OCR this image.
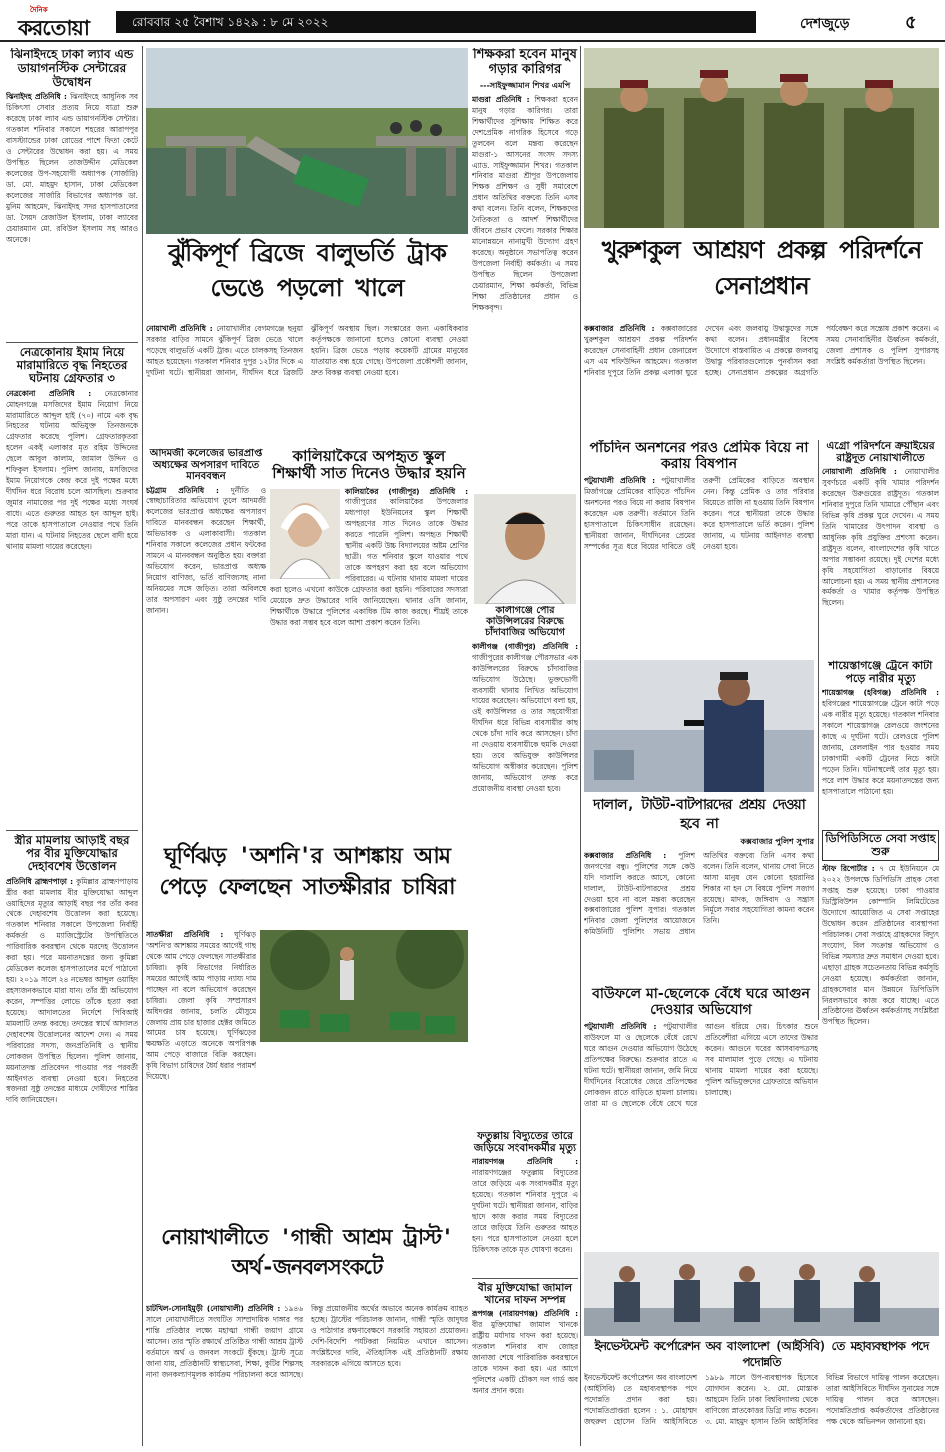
দৈনিক
করতোয়া	রোববার ২৫ বৈশাখ ১৪২৯ : ৮ মে ২০২২	দেশজুড়ে	৫
ঝিনাইদহে ঢাকা ল্যাব এন্ড ডায়াগনস্টিক সেন্টারের উদ্বোধন
ঝিনাইদহ প্রতিনিধি : ঝিনাইদহে আধুনিক সব চিকিৎসা সেবার প্রত্যয় নিয়ে যাত্রা শুরু করেছে ঢাকা ল্যাব এন্ড ডায়াগনস্টিক সেন্টার। গতকাল শনিবার সকালে শহরের আরাপপুর বাসস্ট্যান্ডের ঢাকা রোডের পাশে ফিতা কেটে ও সেন্টারের উদ্বোধন করা হয়। এ সময় উপস্থিত ছিলেন তাজউদ্দীন মেডিকেল কলেজের উপ-সহযোগী অধ্যাপক (সার্জারি) ডা. মো. মাহমুদ হাসান, ঢাকা মেডিকেল কলেজের সার্জারি বিভাগের অধ্যাপক ডা. মুনিম আহমেদ, ঝিনাইদহ সদর হাসপাতালের ডা. সৈয়দ রেজাউল ইসলাম, ঢাকা ল্যাবের চেয়ারম্যান মো. রবিউল ইসলাম সহ আরও অনেকে।
নেত্রকোনায় ইমাম নিয়ে মারামারিতে বৃদ্ধ নিহতের ঘটনায় গ্রেফতার ৩
নেত্রকোনা প্রতিনিধি : নেত্রকোনার মোহনগঞ্জে মসজিদের ইমাম নিয়োগ নিয়ে মারামারিতে আব্দুল হাই (৭০) নামে এক বৃদ্ধ নিহতের ঘটনায় অভিযুক্ত তিনজনকে গ্রেফতার করেছে পুলিশ। গ্রেফতারকৃতরা হলেন একই এলাকার মৃত রহিম উদ্দিনের ছেলে আবুল কালাম, জামাল উদ্দিন ও শফিকুল ইসলাম। পুলিশ জানায়, মসজিদের ইমাম নিয়োগকে কেন্দ্র করে দুই পক্ষের মধ্যে দীর্ঘদিন ধরে বিরোধ চলে আসছিল। শুক্রবার জুমার নামাজের পর দুই পক্ষের মধ্যে সংঘর্ষ বাধে। এতে গুরুতর আহত হন আব্দুল হাই। পরে তাকে হাসপাতালে নেওয়ার পথে তিনি মারা যান। এ ঘটনায় নিহতের ছেলে বাদী হয়ে থানায় মামলা দায়ের করেছেন।
স্ত্রীর মামলায় আড়াই বছর পর বীর মুক্তিযোদ্ধার দেহাবশেষ উত্তোলন
প্রতিনিধি ব্রাহ্মণপাড়া : কুমিল্লার ব্রাহ্মণপাড়ায় স্ত্রীর করা মামলায় বীর মুক্তিযোদ্ধা আব্দুল ওয়াহিদের মৃত্যুর আড়াই বছর পর তাঁর কবর থেকে দেহাবশেষ উত্তোলন করা হয়েছে। গতকাল শনিবার সকালে উপজেলা নির্বাহী কর্মকর্তা ও ম্যাজিস্ট্রেটের উপস্থিতিতে পারিবারিক কবরস্থান থেকে মরদেহ উত্তোলন করা হয়। পরে ময়নাতদন্তের জন্য কুমিল্লা মেডিকেল কলেজ হাসপাতালের মর্গে পাঠানো হয়। ২০১৯ সালে ২৪ নভেম্বর আব্দুল ওয়াহিদ রহস্যজনকভাবে মারা যান। তাঁর স্ত্রী অভিযোগ করেন, সম্পত্তির লোভে তাঁকে হত্যা করা হয়েছে। আদালতের নির্দেশে পিবিআই মামলাটি তদন্ত করছে। তদন্তের স্বার্থে আদালত দেহাবশেষ উত্তোলনের আদেশ দেন। এ সময় পরিবারের সদস্য, জনপ্রতিনিধি ও স্থানীয় লোকজন উপস্থিত ছিলেন। পুলিশ জানায়, ময়নাতদন্ত প্রতিবেদন পাওয়ার পর পরবর্তী আইনগত ব্যবস্থা নেওয়া হবে। নিহতের স্বজনরা সুষ্ঠু তদন্তের মাধ্যমে দোষীদের শাস্তির দাবি জানিয়েছেন।
ঝুঁকিপূর্ণ ব্রিজে বালুভর্তি ট্রাক ভেঙে পড়লো খালে
শিক্ষকরা হবেন মানুষ গড়ার কারিগর
---সাইফুজ্জামান শিখর এমপি
মাগুরা প্রতিনিধি : শিক্ষকরা হবেন মানুষ গড়ার কারিগর। তারা শিক্ষার্থীদের সুশিক্ষায় শিক্ষিত করে দেশপ্রেমিক নাগরিক হিসেবে গড়ে তুলবেন বলে মন্তব্য করেছেন মাগুরা-১ আসনের সংসদ সদস্য এ্যাড. সাইফুজ্জামান শিখর। গতকাল শনিবার মাগুরা শ্রীপুর উপজেলায় শিক্ষক প্রশিক্ষণ ও সুধী সমাবেশে প্রধান অতিথির বক্তব্যে তিনি এসব কথা বলেন। তিনি বলেন, শিক্ষকদের নৈতিকতা ও আদর্শ শিক্ষার্থীদের জীবনে প্রভাব ফেলে। সরকার শিক্ষার মানোন্নয়নে নানামুখী উদ্যোগ গ্রহণ করেছে। অনুষ্ঠানে সভাপতিত্ব করেন উপজেলা নির্বাহী কর্মকর্তা। এ সময় উপস্থিত ছিলেন উপজেলা চেয়ারম্যান, শিক্ষা কর্মকর্তা, বিভিন্ন শিক্ষা প্রতিষ্ঠানের প্রধান ও শিক্ষকবৃন্দ।
নোয়াখালী প্রতিনিধি : নোয়াখালীর বেগমগঞ্জে ছনুয়া সরকার বাড়ির সামনে ঝুঁকিপূর্ণ ব্রিজ ভেঙে খালে পড়েছে বালুভর্তি একটি ট্রাক। এতে চালকসহ তিনজন আহত হয়েছেন। গতকাল শনিবার দুপুর ১২টার দিকে এ দুর্ঘটনা ঘটে। স্থানীয়রা জানান, দীর্ঘদিন ধরে ব্রিজটি ঝুঁকিপূর্ণ অবস্থায় ছিল। সংস্কারের জন্য একাধিকবার কর্তৃপক্ষকে জানানো হলেও কোনো ব্যবস্থা নেওয়া হয়নি। ব্রিজ ভেঙে পড়ায় কয়েকটি গ্রামের মানুষের যাতায়াত বন্ধ হয়ে গেছে। উপজেলা প্রকৌশলী জানান, দ্রুত বিকল্প ব্যবস্থা নেওয়া হবে।
আদমজী কলেজের ভারপ্রাপ্ত অধ্যক্ষের অপসারণ দাবিতে মানববন্ধন
চট্টগ্রাম প্রতিনিধি : দুর্নীতি ও স্বেচ্ছাচারিতার অভিযোগ তুলে আদমজী কলেজের ভারপ্রাপ্ত অধ্যক্ষের অপসারণ দাবিতে মানববন্ধন করেছেন শিক্ষার্থী, অভিভাবক ও এলাকাবাসী। গতকাল শনিবার সকালে কলেজের প্রধান ফটকের সামনে এ মানববন্ধন অনুষ্ঠিত হয়। বক্তারা অভিযোগ করেন, ভারপ্রাপ্ত অধ্যক্ষ নিয়োগ বাণিজ্য, ভর্তি বাণিজ্যসহ নানা অনিয়মের সঙ্গে জড়িত। তারা অবিলম্বে তার অপসারণ এবং সুষ্ঠু তদন্তের দাবি জানান।
কালিয়াকৈরে অপহৃত স্কুল শিক্ষার্থী সাত দিনেও উদ্ধার হয়নি
কালিয়াকৈর (গাজীপুর) প্রতিনিধি : গাজীপুরের কালিয়াকৈর উপজেলার মধ্যপাড়া ইউনিয়নের স্কুল শিক্ষার্থী অপহরণের সাত দিনেও তাকে উদ্ধার করতে পারেনি পুলিশ। অপহৃত শিক্ষার্থী স্থানীয় একটি উচ্চ বিদ্যালয়ের অষ্টম শ্রেণির ছাত্রী। গত শনিবার স্কুলে যাওয়ার পথে তাকে অপহরণ করা হয় বলে অভিযোগ পরিবারের। এ ঘটনায় থানায় মামলা দায়ের করা হলেও এখনো কাউকে গ্রেফতার করা হয়নি। পরিবারের সদস্যরা মেয়েকে দ্রুত উদ্ধারের দাবি জানিয়েছেন। থানার ওসি জানান, শিক্ষার্থীকে উদ্ধারে পুলিশের একাধিক টিম কাজ করছে। শীঘ্রই তাকে উদ্ধার করা সম্ভব হবে বলে আশা প্রকাশ করেন তিনি।
কালীগঞ্জে পৌর কাউন্সিলরের বিরুদ্ধে চাঁদাবাজির অভিযোগ
কালীগঞ্জ (গাজীপুর) প্রতিনিধি : গাজীপুরের কালীগঞ্জ পৌরসভার এক কাউন্সিলরের বিরুদ্ধে চাঁদাবাজির অভিযোগ উঠেছে। ভুক্তভোগী ব্যবসায়ী থানায় লিখিত অভিযোগ দায়ের করেছেন। অভিযোগে বলা হয়, ওই কাউন্সিলর ও তার সহযোগীরা দীর্ঘদিন ধরে বিভিন্ন ব্যবসায়ীর কাছ থেকে চাঁদা দাবি করে আসছেন। চাঁদা না দেওয়ায় ব্যবসায়ীকে হুমকি দেওয়া হয়। তবে অভিযুক্ত কাউন্সিলর অভিযোগ অস্বীকার করেছেন। পুলিশ জানায়, অভিযোগ তদন্ত করে প্রয়োজনীয় ব্যবস্থা নেওয়া হবে।
ঘূর্ণিঝড় 'অশনি'র আশঙ্কায় আম পেড়ে ফেলছেন সাতক্ষীরার চাষিরা
সাতক্ষীরা প্রতিনিধি : ঘূর্ণিঝড় 'অশনি'র আশঙ্কায় সময়ের আগেই গাছ থেকে আম পেড়ে ফেলছেন সাতক্ষীরার চাষিরা। কৃষি বিভাগের নির্ধারিত সময়ের আগেই আম পাড়ায় ন্যায্য দাম পাচ্ছেন না বলে অভিযোগ করেছেন চাষিরা। জেলা কৃষি সম্প্রসারণ অধিদপ্তর জানায়, চলতি মৌসুমে জেলায় প্রায় চার হাজার হেক্টর জমিতে আমের চাষ হয়েছে। ঘূর্ণিঝড়ের ক্ষয়ক্ষতি এড়াতে অনেকে অপরিপক্ক আম পেড়ে বাজারে বিক্রি করছেন। কৃষি বিভাগ চাষিদের ধৈর্য ধরার পরামর্শ দিয়েছে।
নোয়াখালীতে 'গান্ধী আশ্রম ট্রাস্ট' অর্থ-জনবলসংকটে
চাটখিল-সোনাইমুড়ী (নোয়াখালী) প্রতিনিধি : ১৯৪৬ সালে নোয়াখালীতে সংঘটিত সাম্প্রদায়িক দাঙ্গার পর শান্তি প্রতিষ্ঠার লক্ষ্যে মহাত্মা গান্ধী জয়াগ গ্রামে আসেন। তার স্মৃতি রক্ষার্থে প্রতিষ্ঠিত গান্ধী আশ্রম ট্রাস্ট বর্তমানে অর্থ ও জনবল সংকটে ধুঁকছে। ট্রাস্ট সূত্রে জানা যায়, প্রতিষ্ঠানটি স্বাস্থ্যসেবা, শিক্ষা, কুটির শিল্পসহ নানা জনকল্যাণমূলক কার্যক্রম পরিচালনা করে আসছে। কিন্তু প্রয়োজনীয় অর্থের অভাবে অনেক কার্যক্রম ব্যাহত হচ্ছে। ট্রাস্টের পরিচালক জানান, গান্ধী স্মৃতি জাদুঘর ও পাঠাগার রক্ষণাবেক্ষণে সরকারি সহায়তা প্রয়োজন। দেশি-বিদেশি পর্যটকরা নিয়মিত এখানে আসেন। সংশ্লিষ্টদের দাবি, ঐতিহাসিক এই প্রতিষ্ঠানটি রক্ষায় সরকারকে এগিয়ে আসতে হবে।
ফতুল্লায় বিদ্যুতের তারে জড়িয়ে সংবাদকর্মীর মৃত্যু
নারায়ণগঞ্জ প্রতিনিধি : নারায়ণগঞ্জের ফতুল্লায় বিদ্যুতের তারে জড়িয়ে এক সংবাদকর্মীর মৃত্যু হয়েছে। গতকাল শনিবার দুপুরে এ দুর্ঘটনা ঘটে। স্থানীয়রা জানান, বাড়ির ছাদে কাজ করার সময় বিদ্যুতের তারে জড়িয়ে তিনি গুরুতর আহত হন। পরে হাসপাতালে নেওয়া হলে চিকিৎসক তাকে মৃত ঘোষণা করেন।
বীর মুক্তিযোদ্ধা জামাল খানের দাফন সম্পন্ন
রূপগঞ্জ (নারায়ণগঞ্জ) প্রতিনিধি : বীর মুক্তিযোদ্ধা জামাল খানকে রাষ্ট্রীয় মর্যাদায় দাফন করা হয়েছে। গতকাল শনিবার বাদ জোহর জানাজা শেষে পারিবারিক কবরস্থানে তাকে দাফন করা হয়। এর আগে পুলিশের একটি চৌকস দল গার্ড অব অনার প্রদান করে।
খুরুশকুল আশ্রয়ণ প্রকল্প পরিদর্শনে সেনাপ্রধান
কক্সবাজার প্রতিনিধি : কক্সবাজারের খুরুশকুল আশ্রয়ণ প্রকল্প পরিদর্শন করেছেন সেনাবাহিনী প্রধান জেনারেল এস এম শফিউদ্দিন আহমেদ। গতকাল শনিবার দুপুরে তিনি প্রকল্প এলাকা ঘুরে দেখেন এবং জলবায়ু উদ্বাস্তুদের সঙ্গে কথা বলেন। প্রধানমন্ত্রীর বিশেষ উদ্যোগে বাস্তবায়িত এ প্রকল্পে জলবায়ু উদ্বাস্তু পরিবারগুলোকে পুনর্বাসন করা হচ্ছে। সেনাপ্রধান প্রকল্পের অগ্রগতি পর্যবেক্ষণ করে সন্তোষ প্রকাশ করেন। এ সময় সেনাবাহিনীর ঊর্ধ্বতন কর্মকর্তা, জেলা প্রশাসক ও পুলিশ সুপারসহ সংশ্লিষ্ট কর্মকর্তারা উপস্থিত ছিলেন।
পাঁচদিন অনশনের পরও প্রেমিক বিয়ে না করায় বিষপান
পটুয়াখালী প্রতিনিধি : পটুয়াখালীর মির্জাগঞ্জে প্রেমিকের বাড়িতে পাঁচদিন অনশনের পরও বিয়ে না করায় বিষপান করেছেন এক তরুণী। বর্তমানে তিনি হাসপাতালে চিকিৎসাধীন রয়েছেন। স্থানীয়রা জানান, দীর্ঘদিনের প্রেমের সম্পর্কের সূত্র ধরে বিয়ের দাবিতে ওই তরুণী প্রেমিকের বাড়িতে অবস্থান নেন। কিন্তু প্রেমিক ও তার পরিবার বিয়েতে রাজি না হওয়ায় তিনি বিষপান করেন। পরে স্থানীয়রা তাকে উদ্ধার করে হাসপাতালে ভর্তি করেন। পুলিশ জানায়, এ ঘটনায় আইনগত ব্যবস্থা নেওয়া হবে।
এগ্রো পরিদর্শনে ক্রয়াইয়ের রাষ্ট্রদূত নোয়াখালীতে
নোয়াখালী প্রতিনিধি : নোয়াখালীর সুবর্ণচরে একটি কৃষি খামার পরিদর্শন করেছেন উরুগুয়ের রাষ্ট্রদূত। গতকাল শনিবার দুপুরে তিনি খামারে পৌঁছান এবং বিভিন্ন কৃষি প্রকল্প ঘুরে দেখেন। এ সময় তিনি খামারের উৎপাদন ব্যবস্থা ও আধুনিক কৃষি প্রযুক্তির প্রশংসা করেন। রাষ্ট্রদূত বলেন, বাংলাদেশের কৃষি খাতে অপার সম্ভাবনা রয়েছে। দুই দেশের মধ্যে কৃষি সহযোগিতা বাড়ানোর বিষয়ে আলোচনা হয়। এ সময় স্থানীয় প্রশাসনের কর্মকর্তা ও খামার কর্তৃপক্ষ উপস্থিত ছিলেন।
শায়েস্তাগঞ্জে ট্রেনে কাটা পড়ে নারীর মৃত্যু
শায়েস্তাগঞ্জ (হবিগঞ্জ) প্রতিনিধি : হবিগঞ্জের শায়েস্তাগঞ্জে ট্রেনে কাটা পড়ে এক নারীর মৃত্যু হয়েছে। গতকাল শনিবার সকালে শায়েস্তাগঞ্জ রেলওয়ে জংশনের কাছে এ দুর্ঘটনা ঘটে। রেলওয়ে পুলিশ জানায়, রেললাইন পার হওয়ার সময় ঢাকাগামী একটি ট্রেনের নিচে কাটা পড়েন তিনি। ঘটনাস্থলেই তার মৃত্যু হয়। পরে লাশ উদ্ধার করে ময়নাতদন্তের জন্য হাসপাতালে পাঠানো হয়।
দালাল, টাউট-বাটপারদের প্রশ্রয় দেওয়া হবে না
কক্সবাজার পুলিশ সুপার
কক্সবাজার প্রতিনিধি : পুলিশ জনগণের বন্ধু। পুলিশের সঙ্গে কেউ যদি দালালি করতে আসে, কোনো দালাল, টাউট-বাটপারদের প্রশ্রয় দেওয়া হবে না বলে মন্তব্য করেছেন কক্সবাজারের পুলিশ সুপার। গতকাল শনিবার জেলা পুলিশের আয়োজনে কমিউনিটি পুলিশিং সভায় প্রধান অতিথির বক্তব্যে তিনি এসব কথা বলেন। তিনি বলেন, থানায় সেবা নিতে আসা মানুষ যেন কোনো হয়রানির শিকার না হন সে বিষয়ে পুলিশ সজাগ রয়েছে। মাদক, জঙ্গিবাদ ও সন্ত্রাস নির্মূলে সবার সহযোগিতা কামনা করেন তিনি।
ডিপিডিসিতে সেবা সপ্তাহ শুরু
স্টাফ রিপোর্টার : ৭ মে ইউনিয়নে মে ২০২২ উপলক্ষে ডিপিডিসি প্রাহক সেবা সপ্তাহ শুরু হয়েছে। ঢাকা পাওয়ার ডিস্ট্রিবিউশন কোম্পানি লিমিটেডের উদ্যোগে আয়োজিত এ সেবা সপ্তাহের উদ্বোধন করেন প্রতিষ্ঠানের ব্যবস্থাপনা পরিচালক। সেবা সপ্তাহে গ্রাহকদের বিদ্যুৎ সংযোগ, বিল সংক্রান্ত অভিযোগ ও বিভিন্ন সমস্যার দ্রুত সমাধান দেওয়া হবে। এছাড়া গ্রাহক সচেতনতায় বিভিন্ন কর্মসূচি নেওয়া হয়েছে। কর্মকর্তারা জানান, গ্রাহকসেবার মান উন্নয়নে ডিপিডিসি নিরলসভাবে কাজ করে যাচ্ছে। এতে প্রতিষ্ঠানের ঊর্ধ্বতন কর্মকর্তাসহ সংশ্লিষ্টরা উপস্থিত ছিলেন।
বাউফলে মা-ছেলেকে বেঁধে ঘরে আগুন দেওয়ার অভিযোগ
পটুয়াখালী প্রতিনিধি : পটুয়াখালীর বাউফলে মা ও ছেলেকে বেঁধে রেখে ঘরে আগুন দেওয়ার অভিযোগ উঠেছে প্রতিপক্ষের বিরুদ্ধে। শুক্রবার রাতে এ ঘটনা ঘটে। স্থানীয়রা জানান, জমি নিয়ে দীর্ঘদিনের বিরোধের জেরে প্রতিপক্ষের লোকজন রাতে বাড়িতে হামলা চালায়। তারা মা ও ছেলেকে বেঁধে রেখে ঘরে আগুন ধরিয়ে দেয়। চিৎকার শুনে প্রতিবেশীরা এগিয়ে এসে তাদের উদ্ধার করেন। আগুনে ঘরের আসবাবপত্রসহ সব মালামাল পুড়ে গেছে। এ ঘটনায় থানায় মামলা দায়ের করা হয়েছে। পুলিশ অভিযুক্তদের গ্রেফতারে অভিযান চালাচ্ছে।
ইনভেস্টমেন্ট কর্পোরেশন অব বাংলাদেশ (আইসিবি) তে মহাব্যবস্থাপক পদে পদোন্নতি
ইনভেস্টমেন্ট কর্পোরেশন অব বাংলাদেশ (আইসিবি) তে মহাব্যবস্থাপক পদে পদোন্নতি প্রদান করা হয়। পদোন্নতিপ্রাপ্তরা হলেন : ১. মোহাম্মদ জহুরুল হোসেন তিনি আইসিবিতে ১৯৮৯ সালে উপ-ব্যবস্থাপক হিসেবে যোগদান করেন। ২. মো. মোস্তাক আহমেদ তিনি ঢাকা বিশ্ববিদ্যালয় থেকে বাণিজ্যে স্নাতকোত্তর ডিগ্রি লাভ করেন। ৩. মো. মাহমুদ হাসান তিনি আইসিবির বিভিন্ন বিভাগে দায়িত্ব পালন করেছেন। তারা আইসিবিতে দীর্ঘদিন সুনামের সঙ্গে দায়িত্ব পালন করে আসছেন। পদোন্নতিপ্রাপ্ত কর্মকর্তাদের প্রতিষ্ঠানের পক্ষ থেকে অভিনন্দন জানানো হয়।
